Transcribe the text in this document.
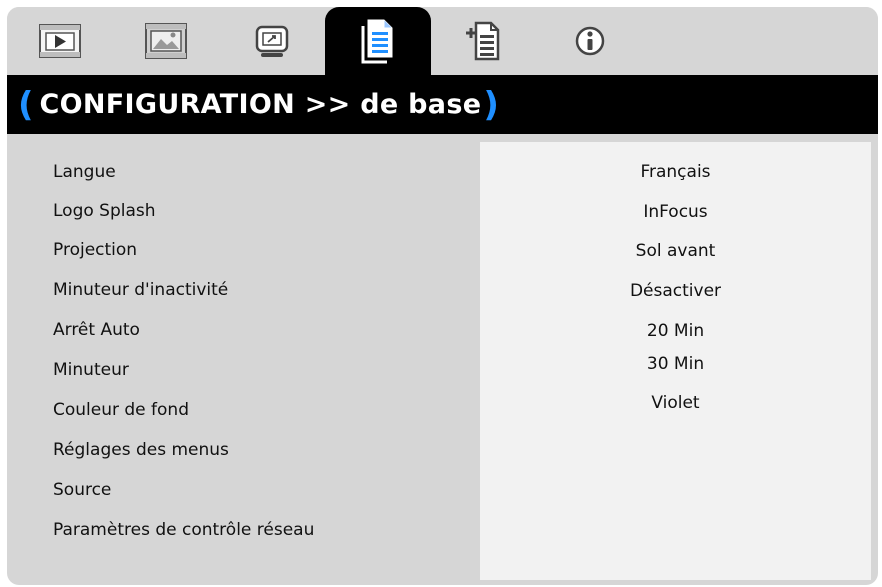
( CONFIGURATION >> de base )
Langue
Logo Splash
Projection
Minuteur d'inactivité
Arrêt Auto
Minuteur
Couleur de fond
Réglages des menus
Source
Paramètres de contrôle réseau
Français
InFocus
Sol avant
Désactiver
20 Min
30 Min
Violet
